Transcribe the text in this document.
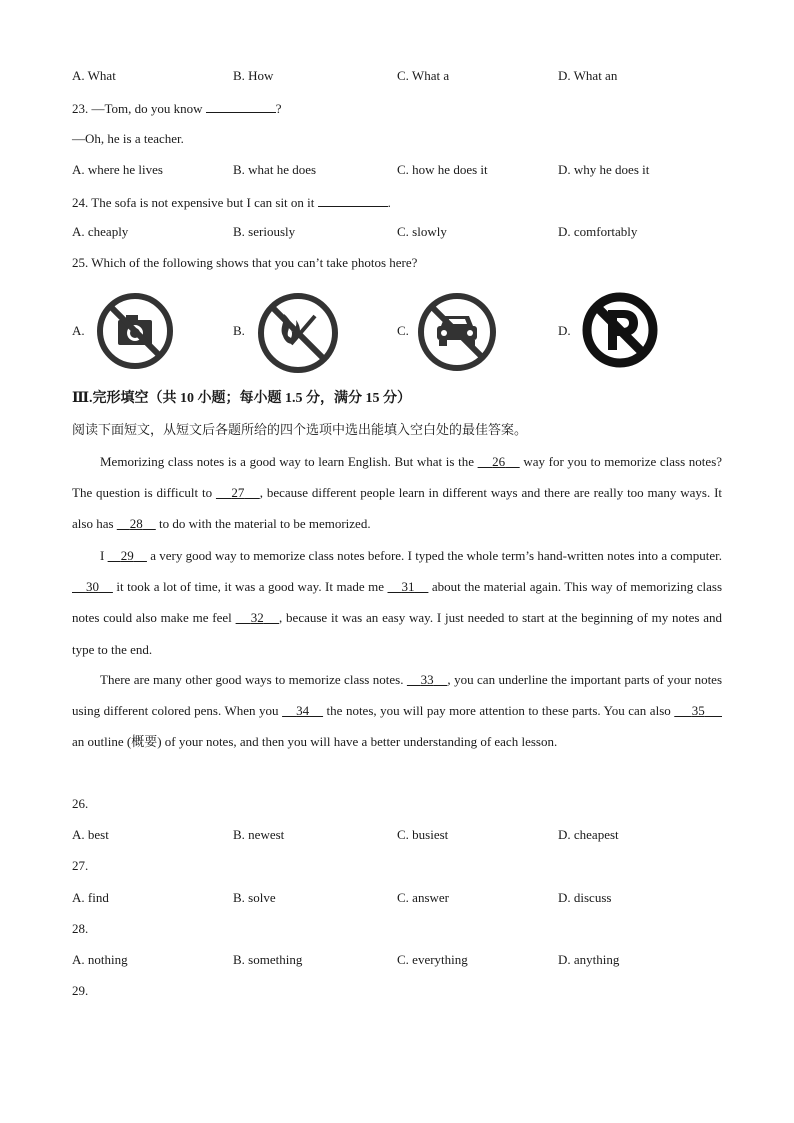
A. What	B. How	C. What a	D. What an
23. —Tom, do you know	?
—Oh, he is a teacher.
A. where he lives	B. what he does	C. how he does it	D. why he does it
24. The sofa is not expensive but I can sit on it	.
A. cheaply	B. seriously	C. slowly	D. comfortably
25. Which of the following shows that you can’t take photos here?
A.	B.	C.	D.
Ⅲ.完形填空（共 10 小题；每小题 1.5 分，满分 15 分）
阅读下面短文，从短文后各题所给的四个选项中选出能填入空白处的最佳答案。
Memorizing class notes is a good way to learn English. But what is the     26     way for you to memorize class notes? The question is difficult to     27 , because different people learn in different ways and there are really too many ways. It also has     28     to do with the material to be memorized.
I     29     a very good way to memorize class notes before. I typed the whole term’s hand-written notes into a computer.     30     it took a lot of time, it was a good way. It made me     31     about the material again. This way of memorizing class notes could also make me feel     32 , because it was an easy way. I just needed to start at the beginning of my notes and type to the end.
There are many other good ways to memorize class notes.     33 , you can underline the important parts of your notes using different colored pens. When you     34     the notes, you will pay more attention to these parts. You can also      35      an outline (概要) of your notes, and then you will have a better understanding of each lesson.
26.
A. best	B. newest	C. busiest	D. cheapest
27.
A. find	B. solve	C. answer	D. discuss
28.
A. nothing	B. something	C. everything	D. anything
29.
